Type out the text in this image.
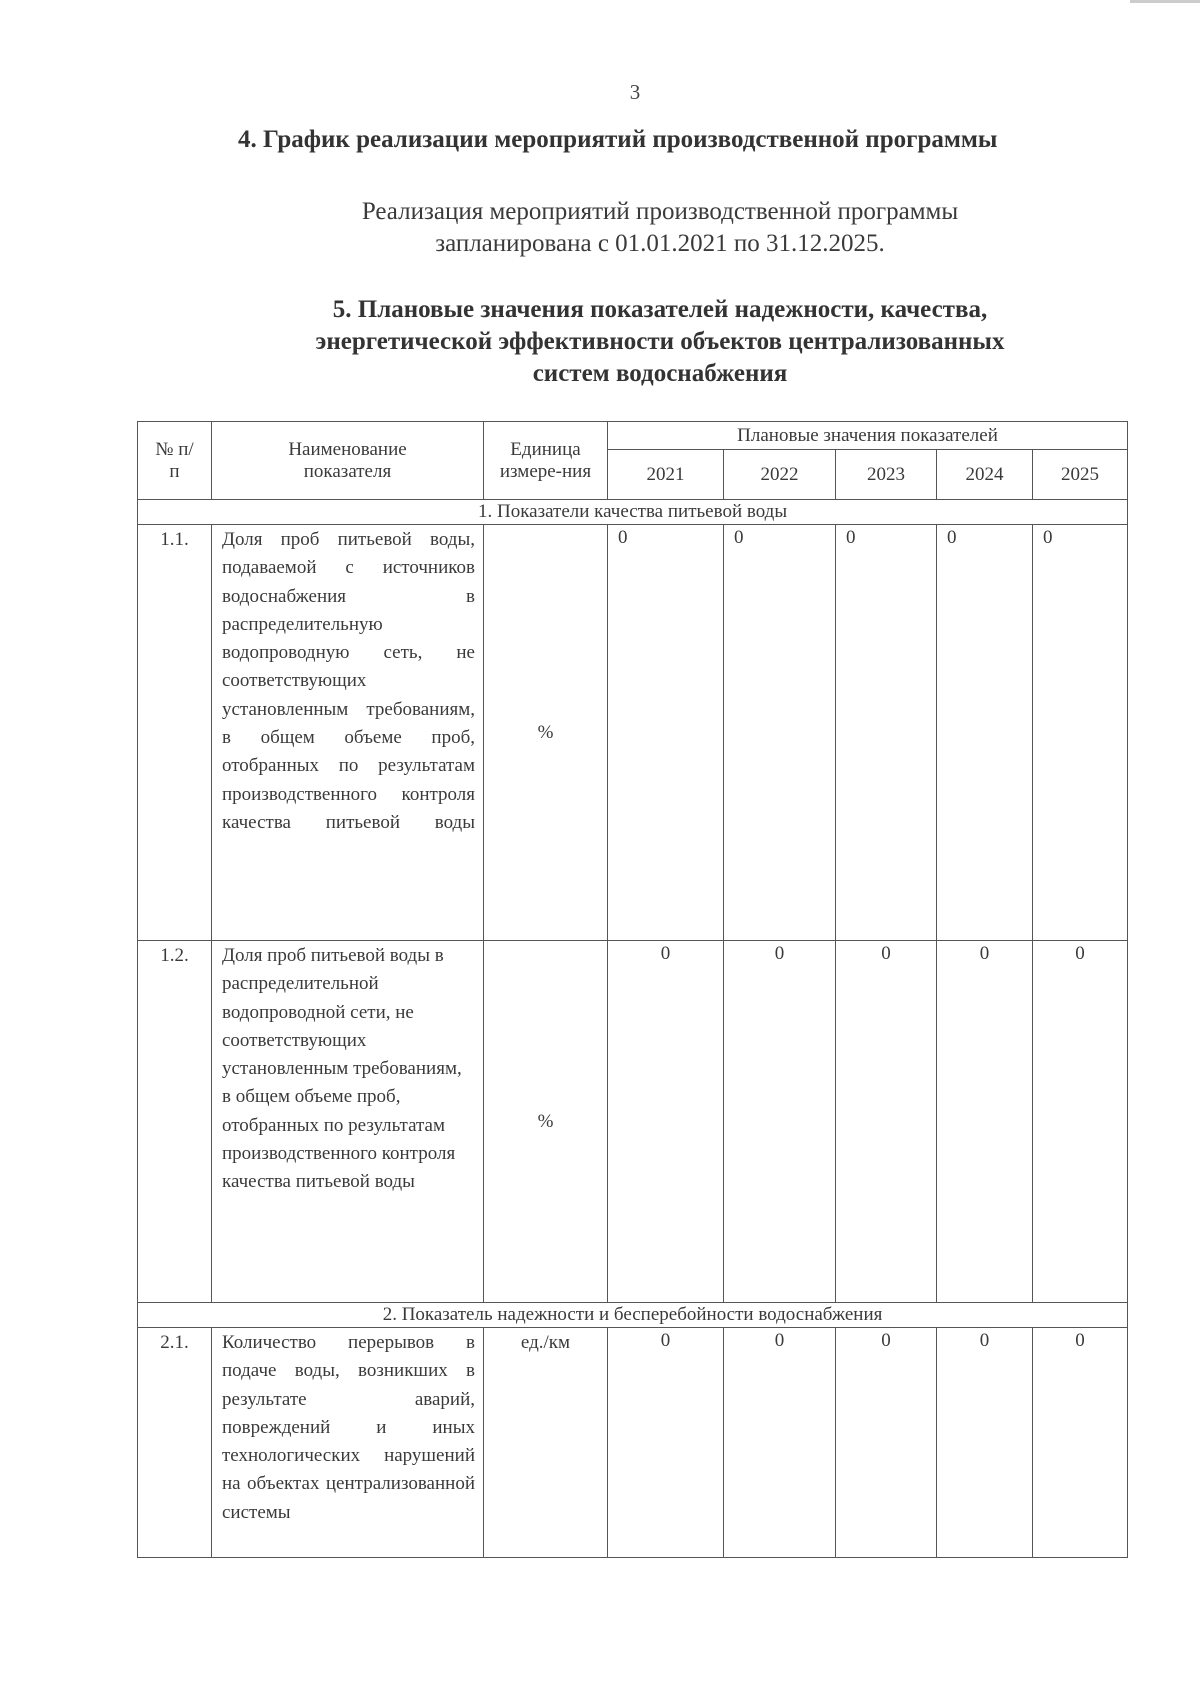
3
4. График реализации мероприятий производственной программы
Реализация мероприятий производственной программы
запланирована с 01.01.2021 по 31.12.2025.
5. Плановые значения показателей надежности, качества,
энергетической эффективности объектов централизованных
систем водоснабжения
№ п/п	Наименование показателя	Единица измере-ния	Плановые значения показателей				
			2021	2022	2023	2024	2025
1. Показатели качества питьевой воды							
1.1.	Доля проб питьевой воды, подаваемой с источников водоснабжения в распределительную водопроводную сеть, не соответствующих установленным требованиям, в общем объеме проб, отобранных по результатам производственного контроля качества питьевой воды	%	0	0	0	0	0
1.2.	Доля проб питьевой воды в распределительной водопроводной сети, не соответствующих установленным требованиям, в общем объеме проб, отобранных по результатам производственного контроля качества питьевой воды	%	0	0	0	0	0
2. Показатель надежности и бесперебойности водоснабжения							
2.1.	Количество перерывов в подаче воды, возникших в результате аварий, повреждений и иных технологических нарушений на объектах централизованной системы	ед./км	0	0	0	0	0
